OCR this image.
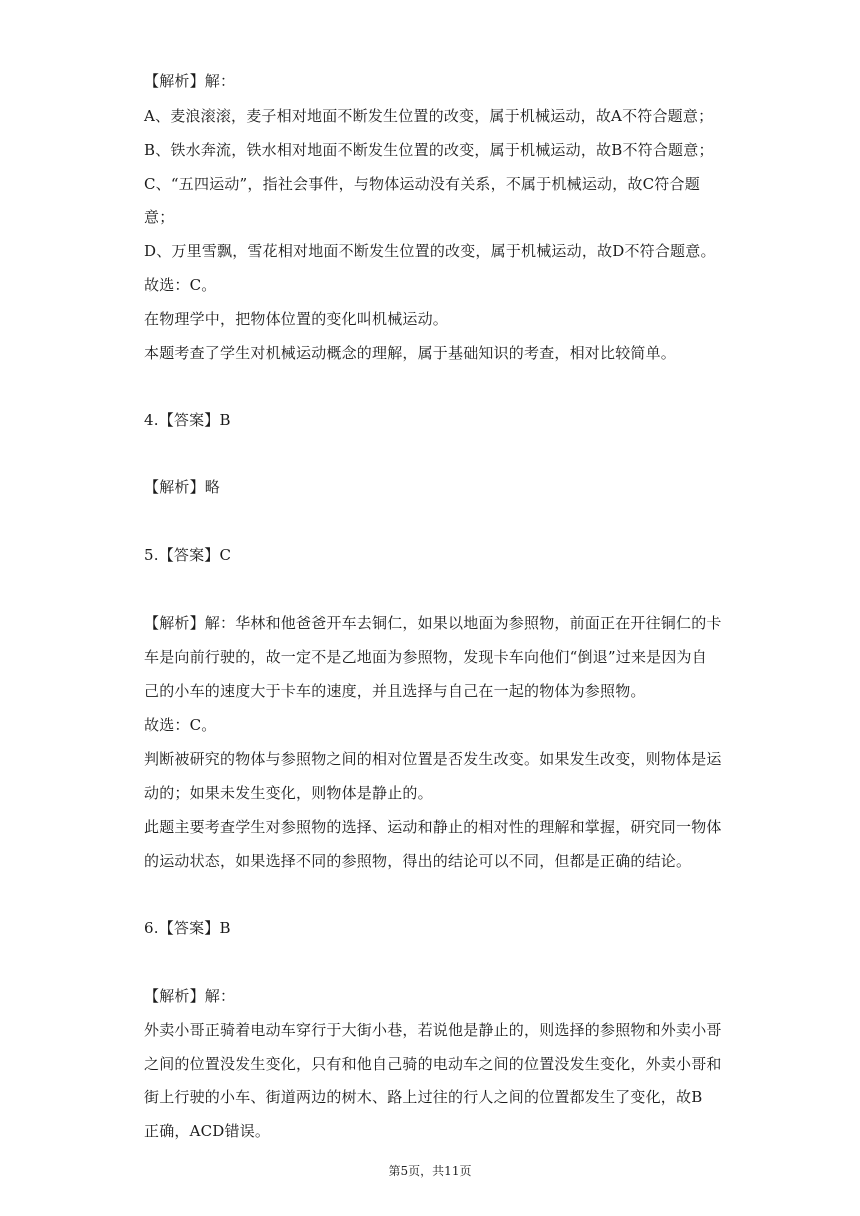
【解析】解：
A、麦浪滚滚，麦子相对地面不断发生位置的改变，属于机械运动，故A不符合题意；
B、铁水奔流，铁水相对地面不断发生位置的改变，属于机械运动，故B不符合题意；
C、“五四运动”，指社会事件，与物体运动没有关系，不属于机械运动，故C符合题
意；
D、万里雪飘，雪花相对地面不断发生位置的改变，属于机械运动，故D不符合题意。
故选：C。
在物理学中，把物体位置的变化叫机械运动。
本题考查了学生对机械运动概念的理解，属于基础知识的考查，相对比较简单。
4.【答案】B
【解析】略
5.【答案】C
【解析】解：华林和他爸爸开车去铜仁，如果以地面为参照物，前面正在开往铜仁的卡
车是向前行驶的，故一定不是乙地面为参照物，发现卡车向他们“倒退”过来是因为自
己的小车的速度大于卡车的速度，并且选择与自己在一起的物体为参照物。
故选：C。
判断被研究的物体与参照物之间的相对位置是否发生改变。如果发生改变，则物体是运
动的；如果未发生变化，则物体是静止的。
此题主要考查学生对参照物的选择、运动和静止的相对性的理解和掌握，研究同一物体
的运动状态，如果选择不同的参照物，得出的结论可以不同，但都是正确的结论。
6.【答案】B
【解析】解：
外卖小哥正骑着电动车穿行于大街小巷，若说他是静止的，则选择的参照物和外卖小哥
之间的位置没发生变化，只有和他自己骑的电动车之间的位置没发生变化，外卖小哥和
街上行驶的小车、街道两边的树木、路上过往的行人之间的位置都发生了变化，故B
正确，ACD错误。
第5页，共11页
